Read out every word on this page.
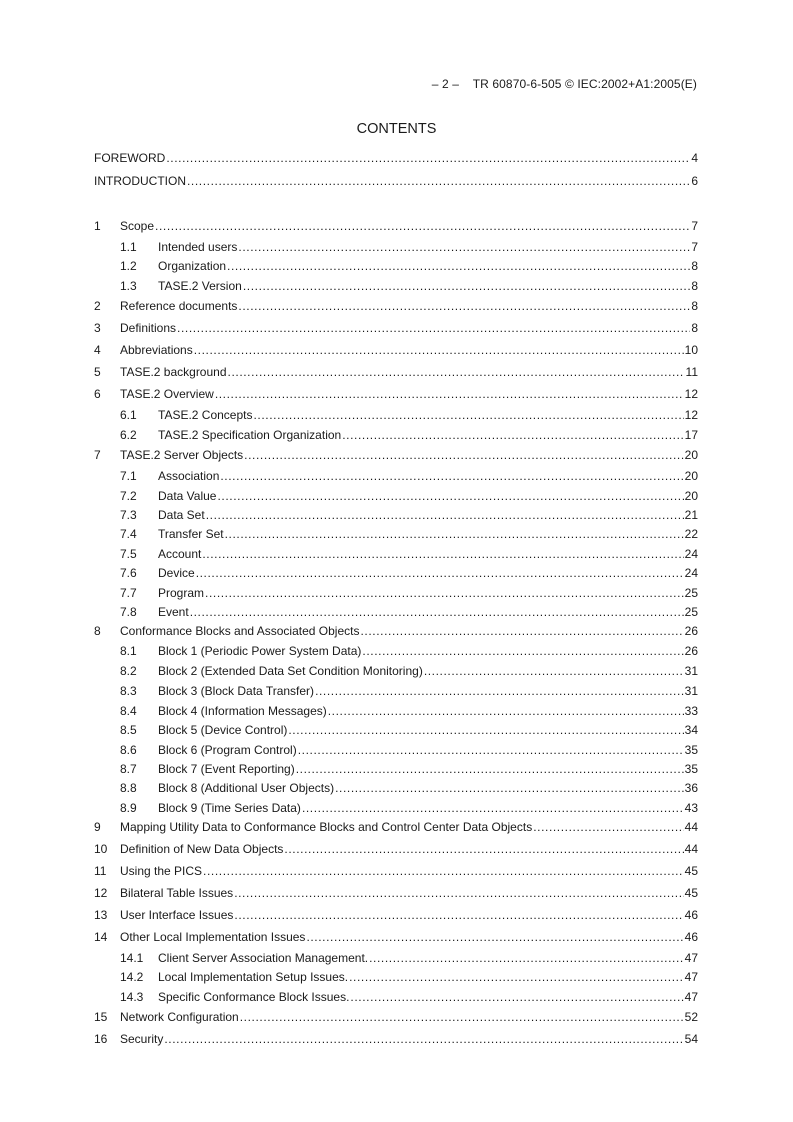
– 2 – TR 60870-6-505 © IEC:2002+A1:2005(E)
CONTENTS
FOREWORD .....	4
INTRODUCTION .....	6
1	Scope .....	7
1.1	Intended users .....	7
1.2	Organization .....	8
1.3	TASE.2 Version .....	8
2	Reference documents .....	8
3	Definitions .....	8
4	Abbreviations .....	10
5	TASE.2 background .....	11
6	TASE.2 Overview .....	12
6.1	TASE.2 Concepts .....	12
6.2	TASE.2 Specification Organization .....	17
7	TASE.2 Server Objects .....	20
7.1	Association .....	20
7.2	Data Value .....	20
7.3	Data Set .....	21
7.4	Transfer Set .....	22
7.5	Account .....	24
7.6	Device .....	24
7.7	Program .....	25
7.8	Event .....	25
8	Conformance Blocks and Associated Objects .....	26
8.1	Block 1 (Periodic Power System Data) .....	26
8.2	Block 2 (Extended Data Set Condition Monitoring) .....	31
8.3	Block 3 (Block Data Transfer) .....	31
8.4	Block 4 (Information Messages) .....	33
8.5	Block 5 (Device Control) .....	34
8.6	Block 6 (Program Control) .....	35
8.7	Block 7 (Event Reporting) .....	35
8.8	Block 8 (Additional User Objects) .....	36
8.9	Block 9 (Time Series Data) .....	43
9	Mapping Utility Data to Conformance Blocks and Control Center Data Objects .....	44
10	Definition of New Data Objects .....	44
11	Using the PICS .....	45
12	Bilateral Table Issues .....	45
13	User Interface Issues .....	46
14	Other Local Implementation Issues .....	46
14.1	Client Server Association Management. .....	47
14.2	Local Implementation Setup Issues. .....	47
14.3	Specific Conformance Block Issues. .....	47
15	Network Configuration .....	52
16	Security .....	54
